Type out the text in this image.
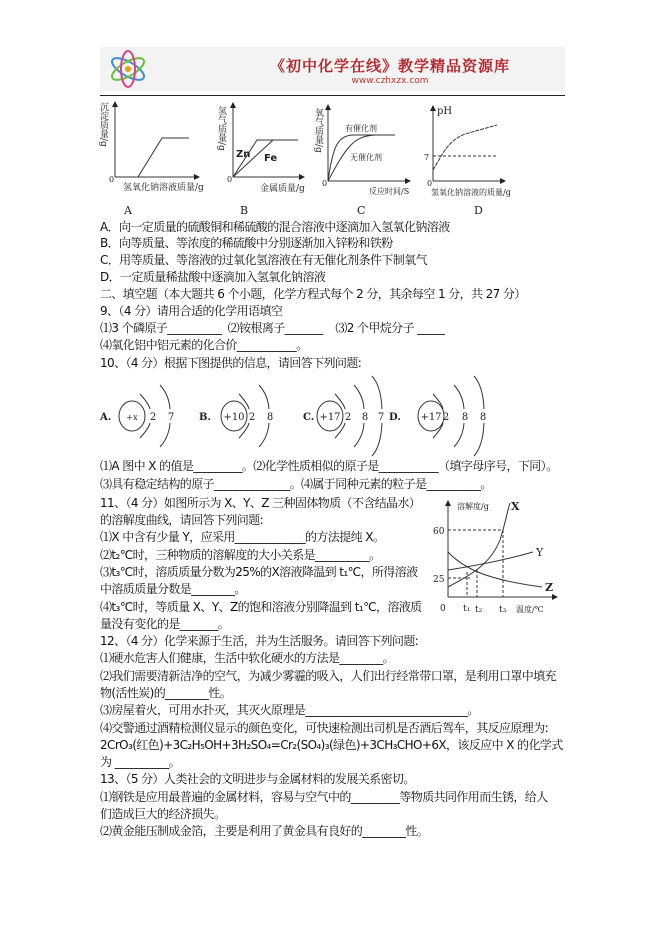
《初中化学在线》教学精品资源库
www.czhxzx.com
沉淀质量/g
氢氧化钠溶液质量/g
0
A
氢气质量/g
金属质量/g
0
Zn Fe
B
氧气质量/g
反应时间/S
0
有催化剂
无催化剂
C
pH
7
0
氢氧化钠溶液的质量/g
D
A. +x 2 7 B. +10 2 8	C. +17 2 8 7 D. +17 2 8 8
溶解度/g X
Y
Z
60
25
0 t₁ t₂ t₃ 温度/℃
A．向一定质量的硫酸铜和稀硫酸的混合溶液中逐滴加入氢氧化钠溶液
B．向等质量、等浓度的稀硫酸中分别逐渐加入锌粉和铁粉
C．用等质量、等溶液的过氧化氢溶液在有无催化剂条件下制氧气
D．一定质量稀盐酸中逐滴加入氢氧化钠溶液
二、填空题（本大题共 6 个小题，化学方程式每个 2 分，其余每空 1 分，共 27 分）
9、（4 分）请用合适的化学用语填空
⑴3 个磷原子__________  ⑵铵根离子_______    ⑶2 个甲烷分子 _____
⑷氧化铝中铝元素的化合价___________。
10、（4 分）根据下图提供的信息，请回答下列问题:
⑴A 图中 X 的值是_________。⑵化学性质相似的原子是___________（填字母序号，下同）。
⑶具有稳定结构的原子______________。⑷属于同种元素的粒子是__________。
11、（4 分）如图所示为 X、Y、Z 三种固体物质（不含结晶水）
的溶解度曲线，请回答下列问题:
⑴X 中含有少量 Y，应采用_____________的方法提纯 X。
⑵t₂℃时，三种物质的溶解度的大小关系是__________。
⑶t₃℃时，溶质质量分数为25%的X溶液降温到 t₁℃，所得溶液
中溶质质量分数是________。
⑷t₃℃时，等质量 X、Y、Z的饱和溶液分别降温到 t₁℃，溶液质
量没有变化的是_______。
12、（4 分）化学来源于生活，并为生活服务。请回答下列问题:
⑴硬水危害人们健康，生活中软化硬水的方法是________。
⑵我们需要清新洁净的空气，为减少雾霾的吸入，人们出行经常带口罩，是利用口罩中填充
物(活性炭)的________性。
⑶房屋着火，可用水扑灭，其灭火原理是______________________________。
⑷交警通过酒精检测仪显示的颜色变化，可快速检测出司机是否酒后驾车，其反应原理为:
2CrO₃(红色)+3C₂H₅OH+3H₂SO₄=Cr₂(SO₄)₃(绿色)+3CH₃CHO+6X，该反应中 X 的化学式
为 __________。
13、（5 分）人类社会的文明进步与金属材料的发展关系密切。
⑴钢铁是应用最普遍的金属材料，容易与空气中的_________等物质共同作用而生锈，给人
们造成巨大的经济损失。
⑵黄金能压制成金箔，主要是利用了黄金具有良好的________性。
